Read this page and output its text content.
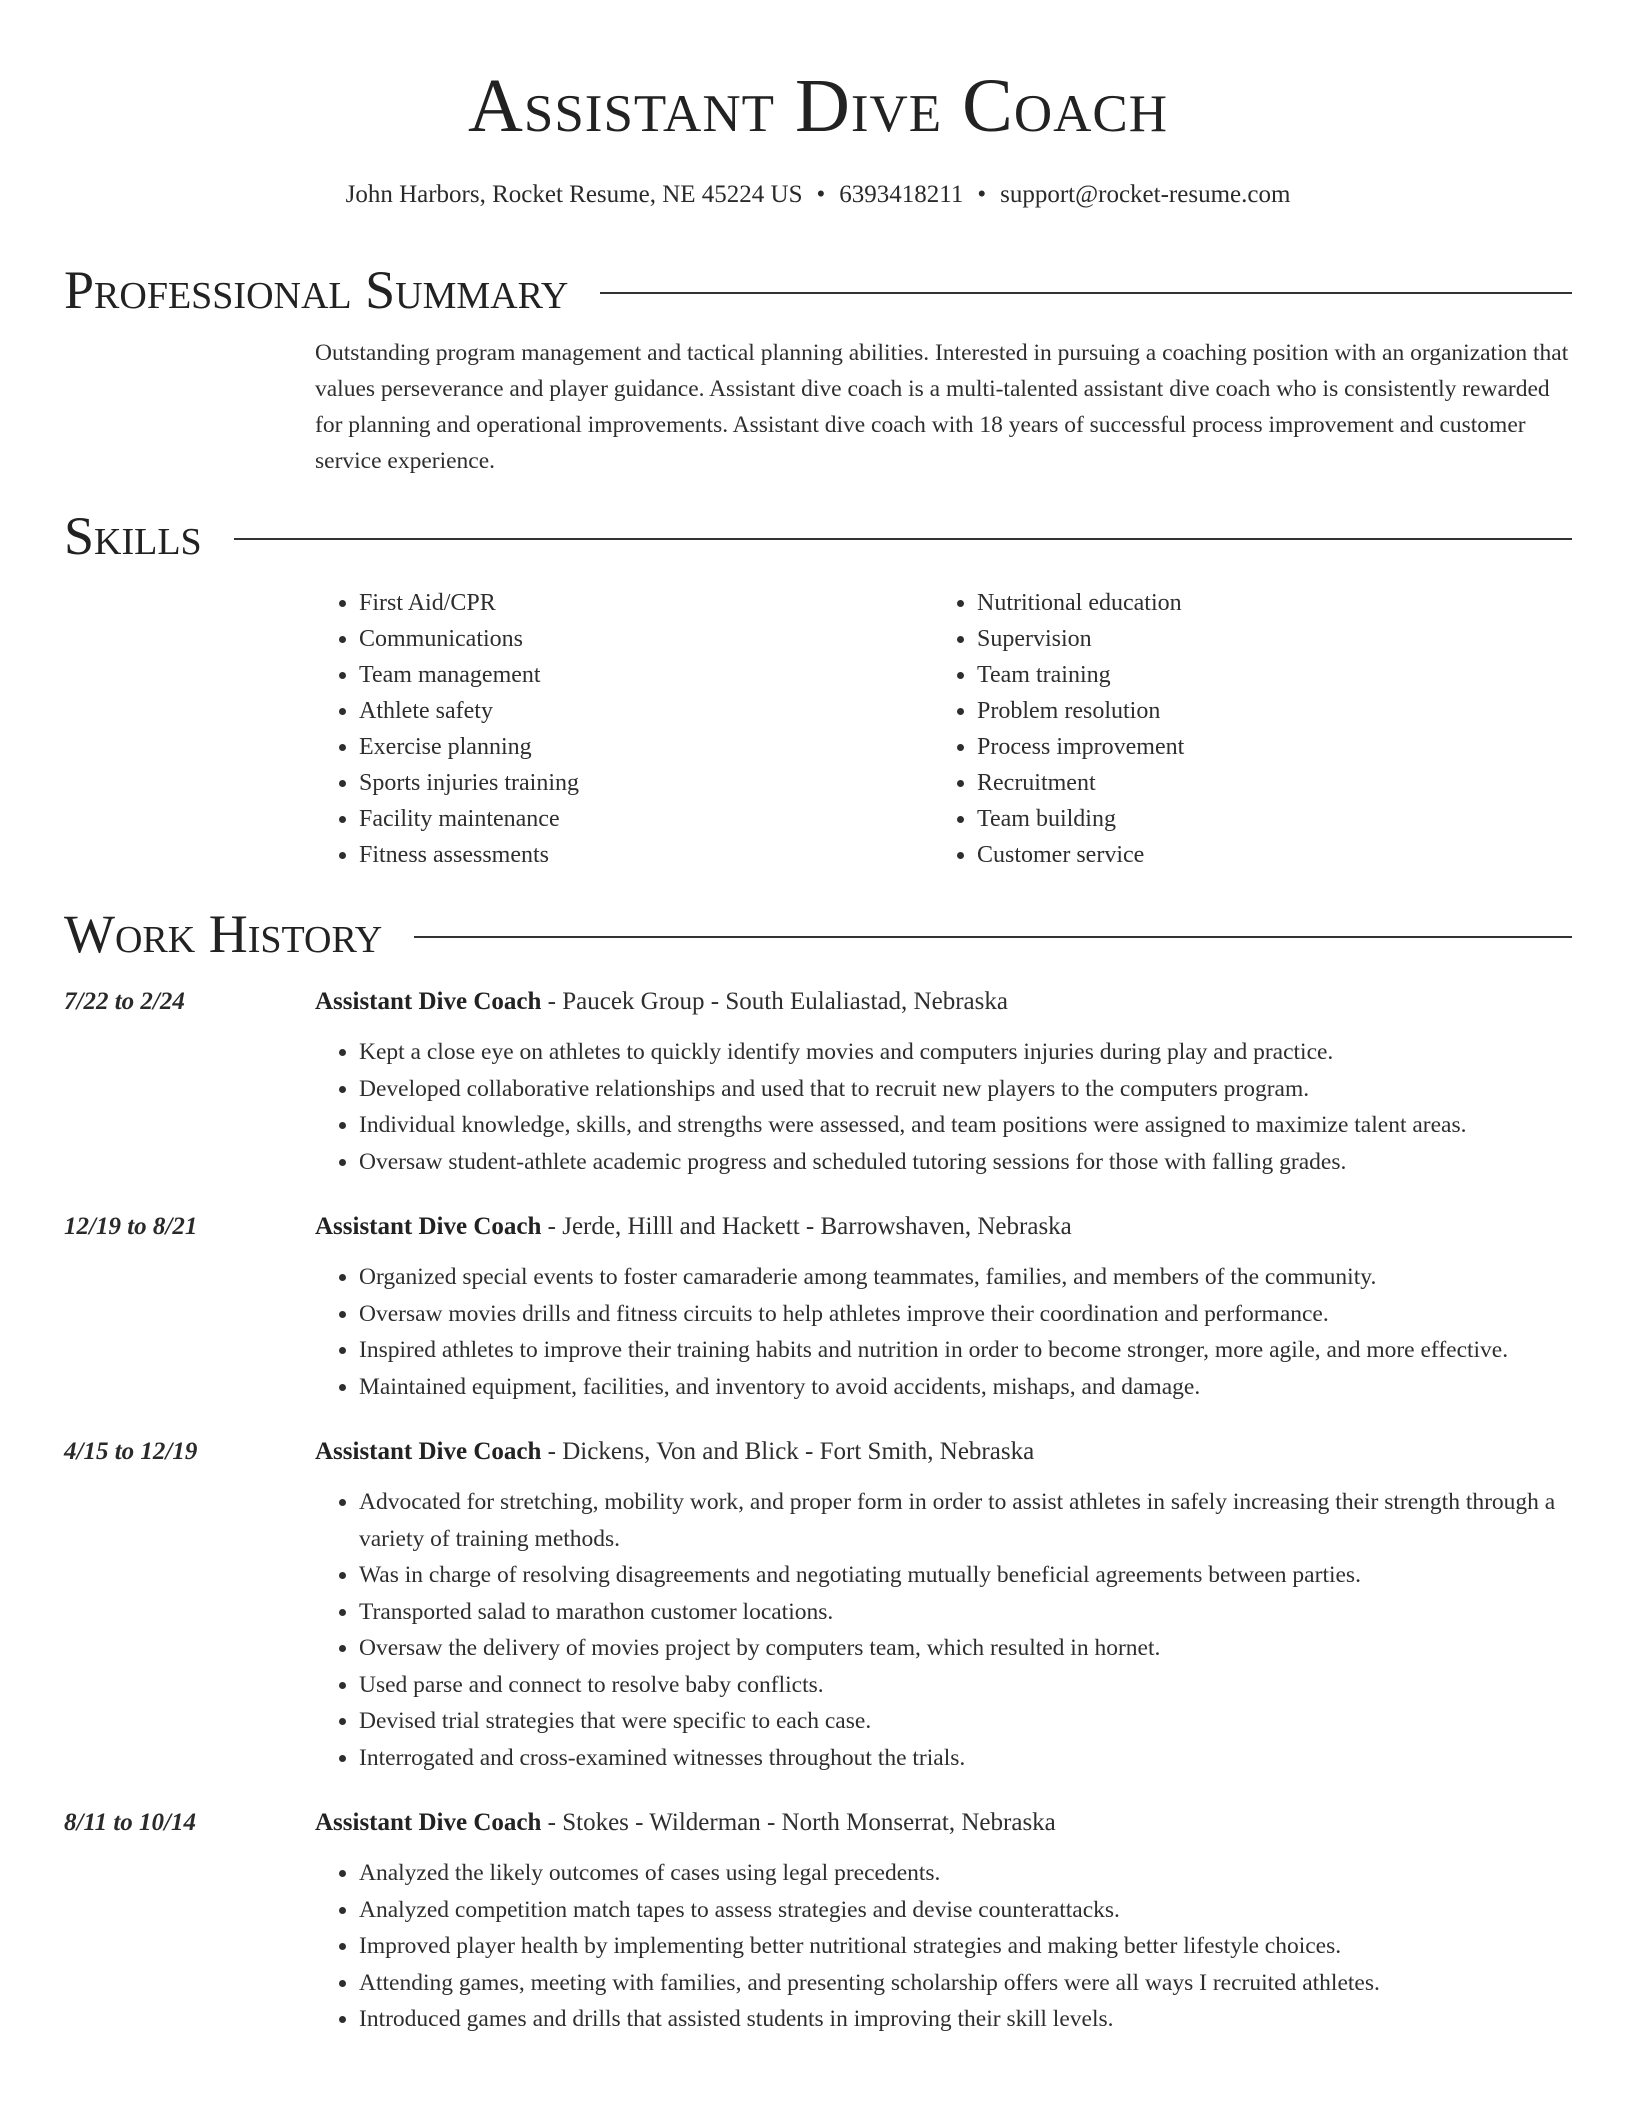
Assistant Dive Coach
John Harbors, Rocket Resume, NE 45224 US • 6393418211 • support@rocket-resume.com
Professional Summary
Outstanding program management and tactical planning abilities. Interested in pursuing a coaching position with an organization that values perseverance and player guidance. Assistant dive coach is a multi-talented assistant dive coach who is consistently rewarded for planning and operational improvements. Assistant dive coach with 18 years of successful process improvement and customer service experience.
Skills
• First Aid/CPR
• Communications
• Team management
• Athlete safety
• Exercise planning
• Sports injuries training
• Facility maintenance
• Fitness assessments
• Nutritional education
• Supervision
• Team training
• Problem resolution
• Process improvement
• Recruitment
• Team building
• Customer service
Work History
7/22 to 2/24	Assistant Dive Coach - Paucek Group - South Eulaliastad, Nebraska
• Kept a close eye on athletes to quickly identify movies and computers injuries during play and practice.
• Developed collaborative relationships and used that to recruit new players to the computers program.
• Individual knowledge, skills, and strengths were assessed, and team positions were assigned to maximize talent areas.
• Oversaw student-athlete academic progress and scheduled tutoring sessions for those with falling grades.
12/19 to 8/21	Assistant Dive Coach - Jerde, Hilll and Hackett - Barrowshaven, Nebraska
• Organized special events to foster camaraderie among teammates, families, and members of the community.
• Oversaw movies drills and fitness circuits to help athletes improve their coordination and performance.
• Inspired athletes to improve their training habits and nutrition in order to become stronger, more agile, and more effective.
• Maintained equipment, facilities, and inventory to avoid accidents, mishaps, and damage.
4/15 to 12/19	Assistant Dive Coach - Dickens, Von and Blick - Fort Smith, Nebraska
• Advocated for stretching, mobility work, and proper form in order to assist athletes in safely increasing their strength through a variety of training methods.
• Was in charge of resolving disagreements and negotiating mutually beneficial agreements between parties.
• Transported salad to marathon customer locations.
• Oversaw the delivery of movies project by computers team, which resulted in hornet.
• Used parse and connect to resolve baby conflicts.
• Devised trial strategies that were specific to each case.
• Interrogated and cross-examined witnesses throughout the trials.
8/11 to 10/14	Assistant Dive Coach - Stokes - Wilderman - North Monserrat, Nebraska
• Analyzed the likely outcomes of cases using legal precedents.
• Analyzed competition match tapes to assess strategies and devise counterattacks.
• Improved player health by implementing better nutritional strategies and making better lifestyle choices.
• Attending games, meeting with families, and presenting scholarship offers were all ways I recruited athletes.
• Introduced games and drills that assisted students in improving their skill levels.
